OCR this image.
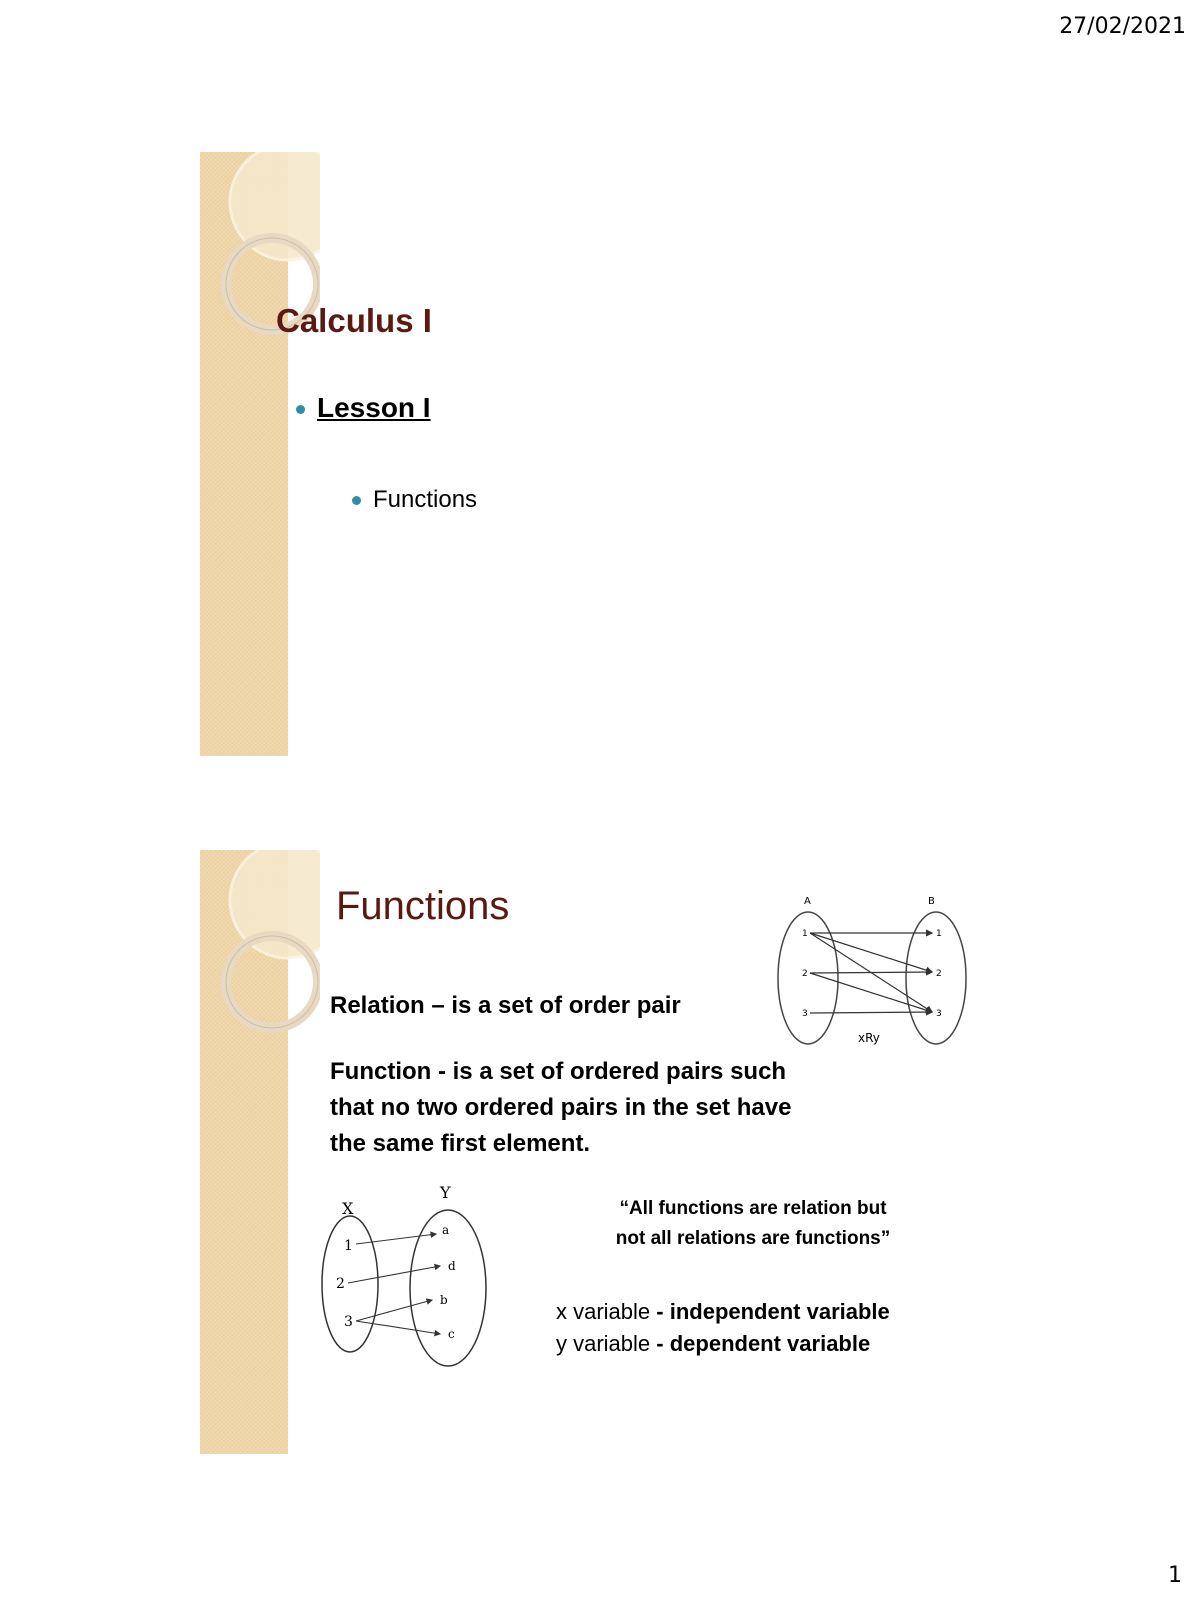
27/02/2021
Calculus I
Lesson I
Functions
Functions	A	B
1
2
3
1
2
3
xRy
Relation – is a set of order pair
Function - is a set of ordered pairs such
that no two ordered pairs in the set have
the same first element.
X
Y
1
2
3
a
d
b
c
“All functions are relation but
not all relations are functions”
x variable - independent variable
y variable - dependent variable
1
